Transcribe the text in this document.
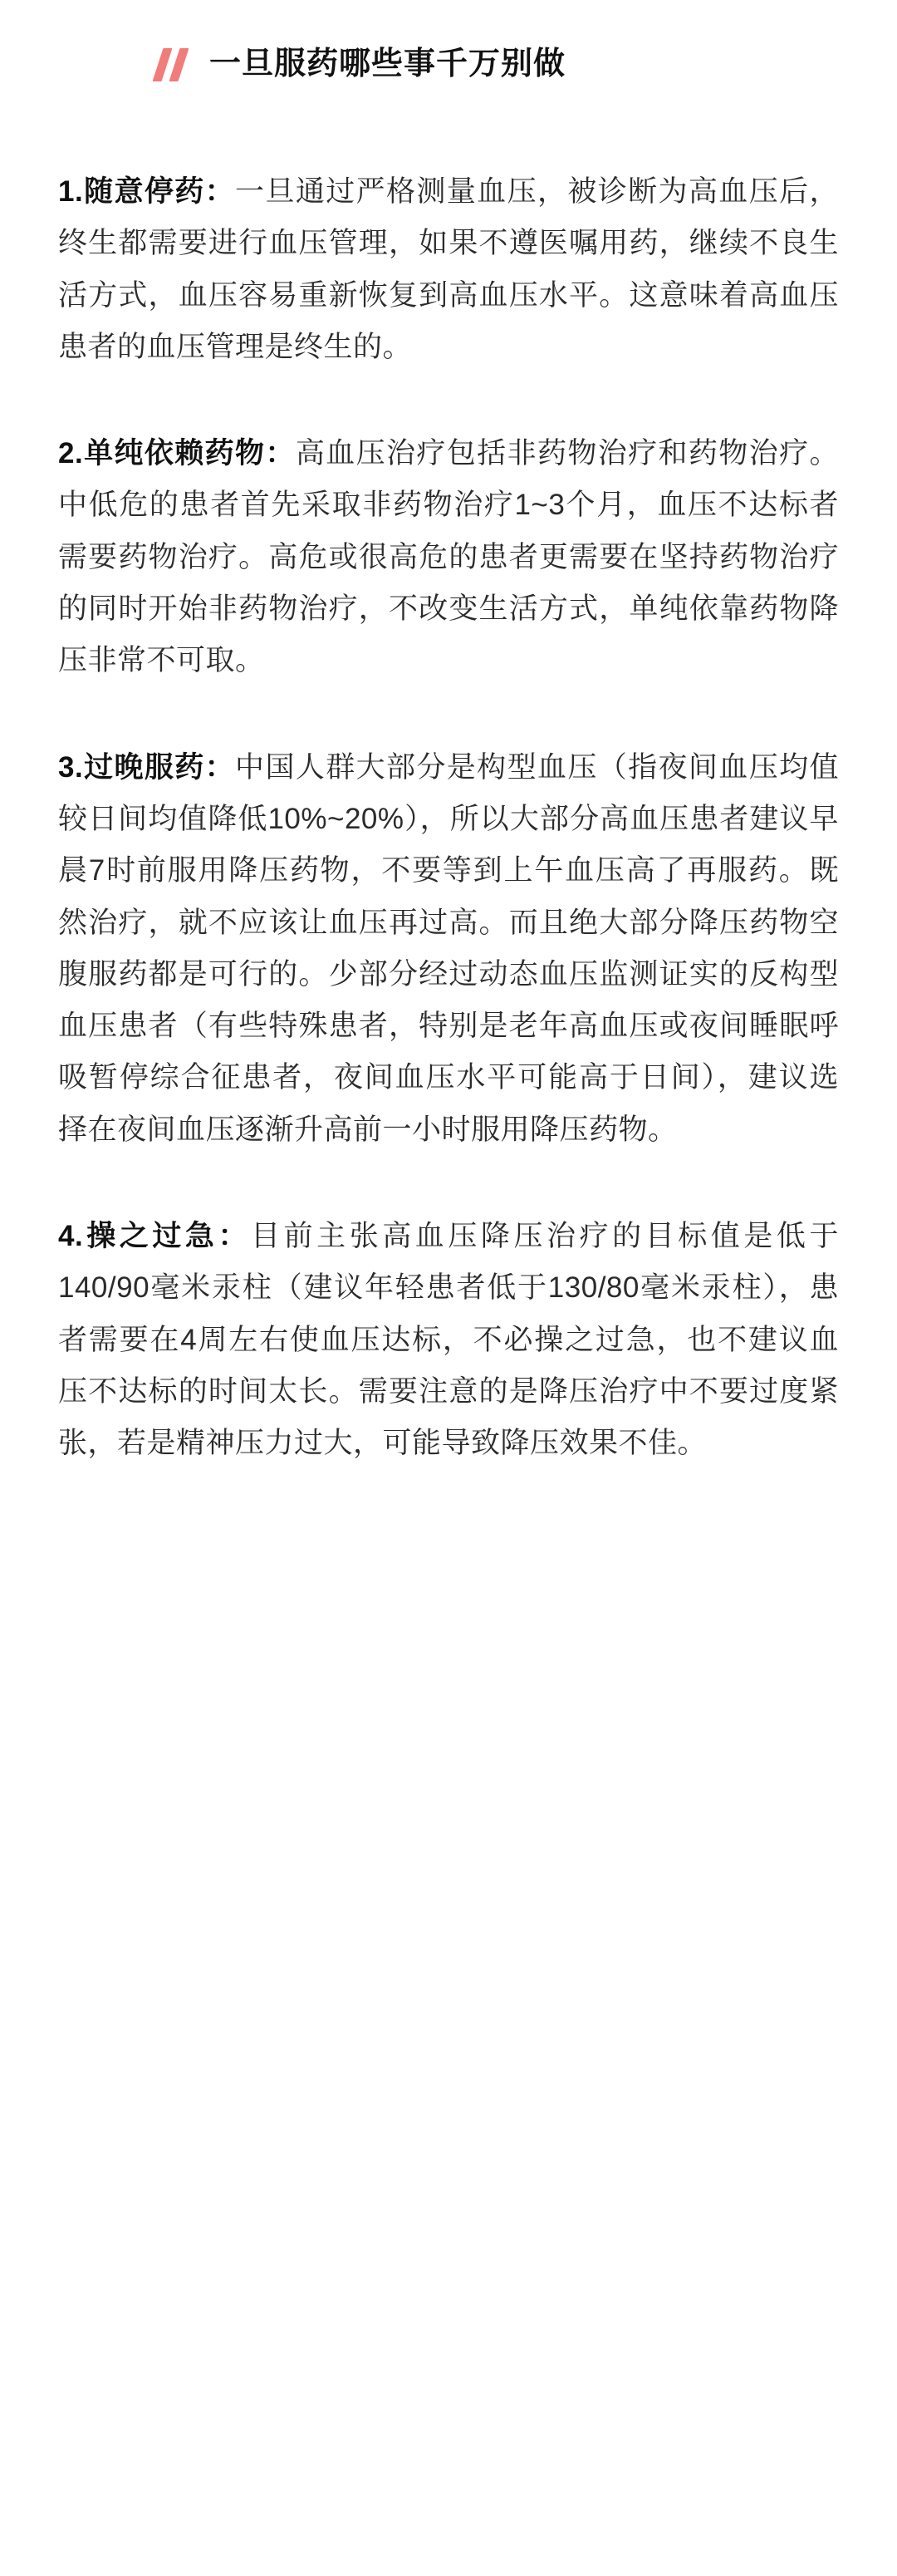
一旦服药哪些事千万别做

1.随意停药：一旦通过严格测量血压，被诊断为高血压后，终生都需要进行血压管理，如果不遵医嘱用药，继续不良生活方式，血压容易重新恢复到高血压水平。这意味着高血压患者的血压管理是终生的。

2.单纯依赖药物：高血压治疗包括非药物治疗和药物治疗。中低危的患者首先采取非药物治疗1~3个月，血压不达标者需要药物治疗。高危或很高危的患者更需要在坚持药物治疗的同时开始非药物治疗，不改变生活方式，单纯依靠药物降压非常不可取。

3.过晚服药：中国人群大部分是构型血压（指夜间血压均值较日间均值降低10%~20%），所以大部分高血压患者建议早晨7时前服用降压药物，不要等到上午血压高了再服药。既然治疗，就不应该让血压再过高。而且绝大部分降压药物空腹服药都是可行的。少部分经过动态血压监测证实的反构型血压患者（有些特殊患者，特别是老年高血压或夜间睡眠呼吸暂停综合征患者，夜间血压水平可能高于日间），建议选择在夜间血压逐渐升高前一小时服用降压药物。

4.操之过急：目前主张高血压降压治疗的目标值是低于140/90毫米汞柱（建议年轻患者低于130/80毫米汞柱），患者需要在4周左右使血压达标，不必操之过急，也不建议血压不达标的时间太长。需要注意的是降压治疗中不要过度紧张，若是精神压力过大，可能导致降压效果不佳。
